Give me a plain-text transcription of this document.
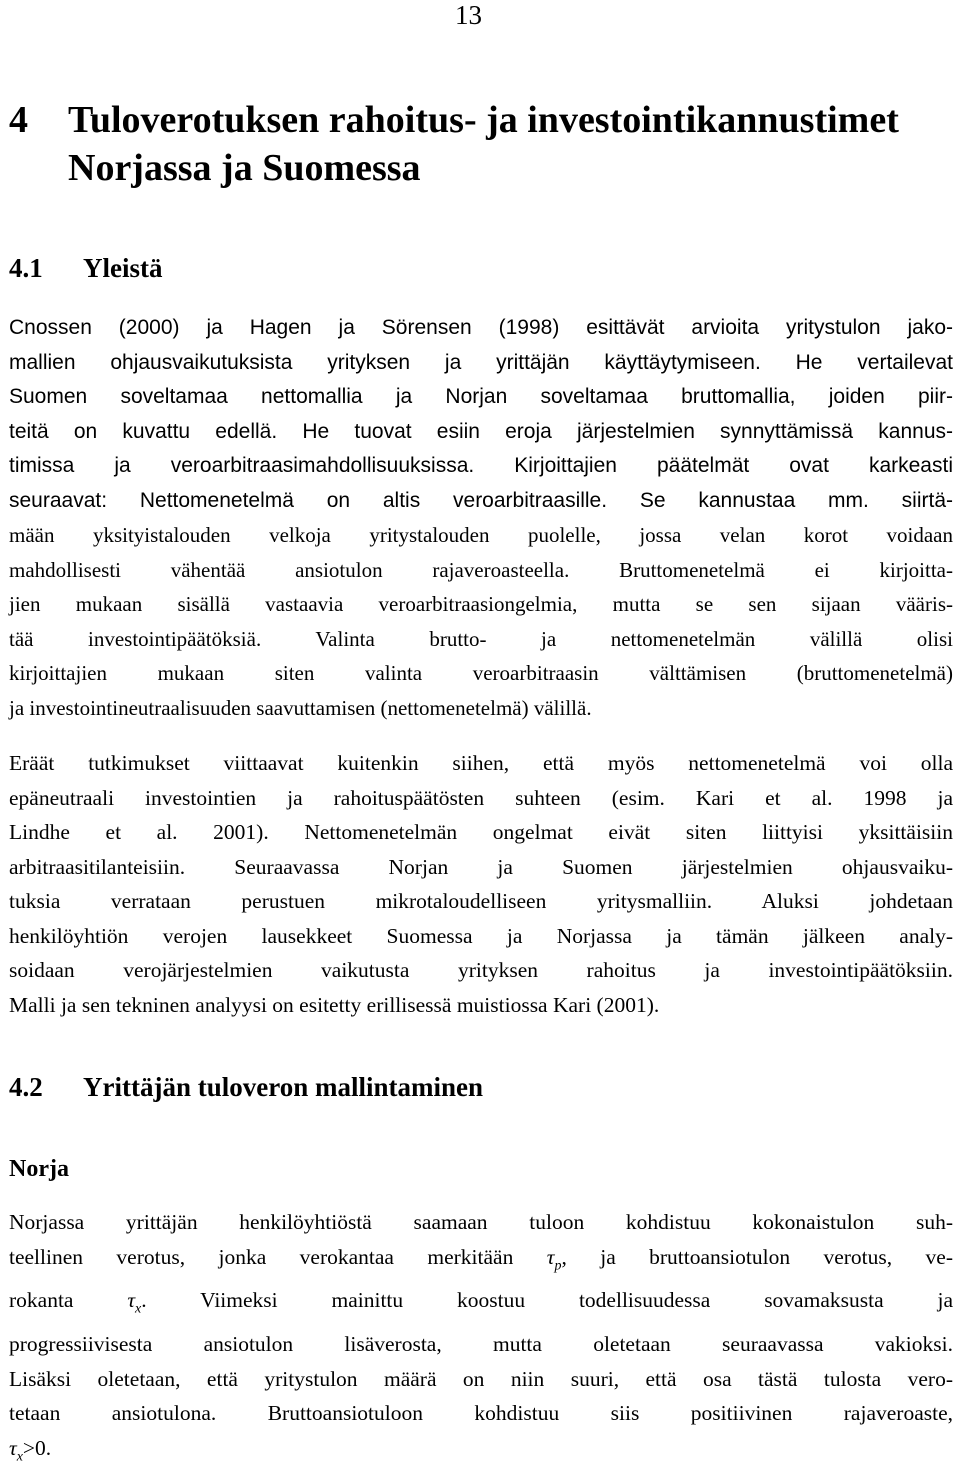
13
4 Tuloverotuksen rahoitus- ja investointikannustimet
Norjassa ja Suomessa
4.1 Yleistä
Cnossen (2000) ja Hagen ja Sörensen (1998) esittävät arvioita yritystulon jako-
mallien ohjausvaikutuksista yrityksen ja yrittäjän käyttäytymiseen. He vertailevat
Suomen soveltamaa nettomallia ja Norjan soveltamaa bruttomallia, joiden piir-
teitä on kuvattu edellä. He tuovat esiin eroja järjestelmien synnyttämissä kannus-
timissa ja veroarbitraasimahdollisuuksissa. Kirjoittajien päätelmät ovat karkeasti
seuraavat: Nettomenetelmä on altis veroarbitraasille. Se kannustaa mm. siirtä-
mään yksityistalouden velkoja yritystalouden puolelle, jossa velan korot voidaan
mahdollisesti vähentää ansiotulon rajaveroasteella. Bruttomenetelmä ei kirjoitta-
jien mukaan sisällä vastaavia veroarbitraasiongelmia, mutta se sen sijaan vääris-
tää investointipäätöksiä. Valinta brutto- ja nettomenetelmän välillä olisi
kirjoittajien mukaan siten valinta veroarbitraasin välttämisen (bruttomenetelmä)
ja investointineutraalisuuden saavuttamisen (nettomenetelmä) välillä.
Eräät tutkimukset viittaavat kuitenkin siihen, että myös nettomenetelmä voi olla
epäneutraali investointien ja rahoituspäätösten suhteen (esim. Kari et al. 1998 ja
Lindhe et al. 2001). Nettomenetelmän ongelmat eivät siten liittyisi yksittäisiin
arbitraasitilanteisiin. Seuraavassa Norjan ja Suomen järjestelmien ohjausvaiku-
tuksia verrataan perustuen mikrotaloudelliseen yritysmalliin. Aluksi johdetaan
henkilöyhtiön verojen lausekkeet Suomessa ja Norjassa ja tämän jälkeen analy-
soidaan verojärjestelmien vaikutusta yrityksen rahoitus ja investointipäätöksiin.
Malli ja sen tekninen analyysi on esitetty erillisessä muistiossa Kari (2001).
4.2 Yrittäjän tuloveron mallintaminen
Norja
Norjassa yrittäjän henkilöyhtiöstä saamaan tuloon kohdistuu kokonaistulon suh-
teellinen verotus, jonka verokantaa merkitään $\tau_p$, ja bruttoansiotulon verotus, ve-
rokanta $\tau_x$. Viimeksi mainittu koostuu todellisuudessa sovamaksusta ja
progressiivisesta ansiotulon lisäverosta, mutta oletetaan seuraavassa vakioksi.
Lisäksi oletetaan, että yritystulon määrä on niin suuri, että osa tästä tulosta vero-
tetaan ansiotulona. Bruttoansiotuloon kohdistuu siis positiivinen rajaveroaste,
$\tau_x>0$.
